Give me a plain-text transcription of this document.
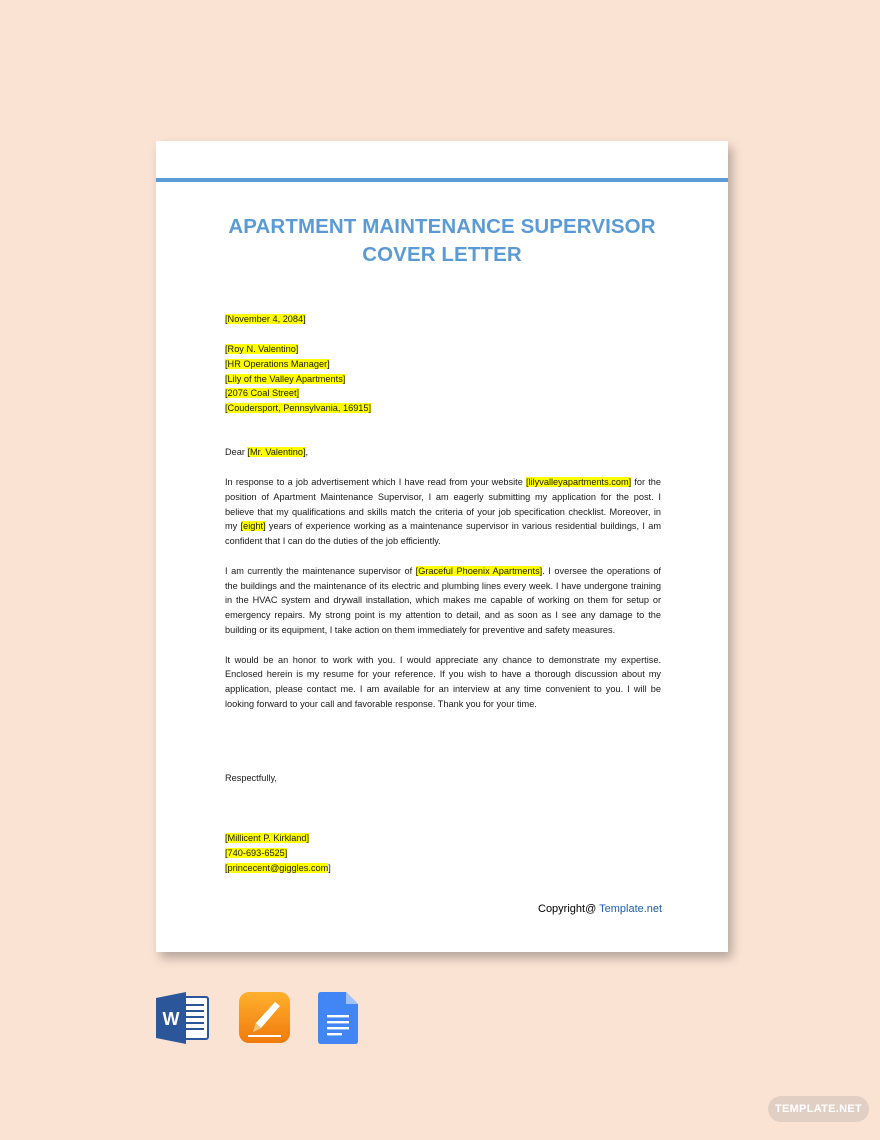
APARTMENT MAINTENANCE SUPERVISOR
COVER LETTER
[November 4, 2084]
[Roy N. Valentino]
[HR Operations Manager]
[Lily of the Valley Apartments]
[2076 Coal Street]
[Coudersport, Pennsylvania, 16915]
Dear [Mr. Valentino],

In response to a job advertisement which I have read from your website [lilyvalleyapartments.com] for the position of Apartment Maintenance Supervisor, I am eagerly submitting my application for the post. I believe that my qualifications and skills match the criteria of your job specification checklist. Moreover, in my [eight] years of experience working as a maintenance supervisor in various residential buildings, I am confident that I can do the duties of the job efficiently.

I am currently the maintenance supervisor of [Graceful Phoenix Apartments]. I oversee the operations of the buildings and the maintenance of its electric and plumbing lines every week. I have undergone training in the HVAC system and drywall installation, which makes me capable of working on them for setup or emergency repairs. My strong point is my attention to detail, and as soon as I see any damage to the building or its equipment, I take action on them immediately for preventive and safety measures.

It would be an honor to work with you. I would appreciate any chance to demonstrate my expertise. Enclosed herein is my resume for your reference. If you wish to have a thorough discussion about my application, please contact me. I am available for an interview at any time convenient to you. I will be looking forward to your call and favorable response. Thank you for your time.

Respectfully,
[Millicent P. Kirkland]
[740-693-6525]
[princecent@giggles.com]
Copyright@ Template.net
W
TEMPLATE.NET
